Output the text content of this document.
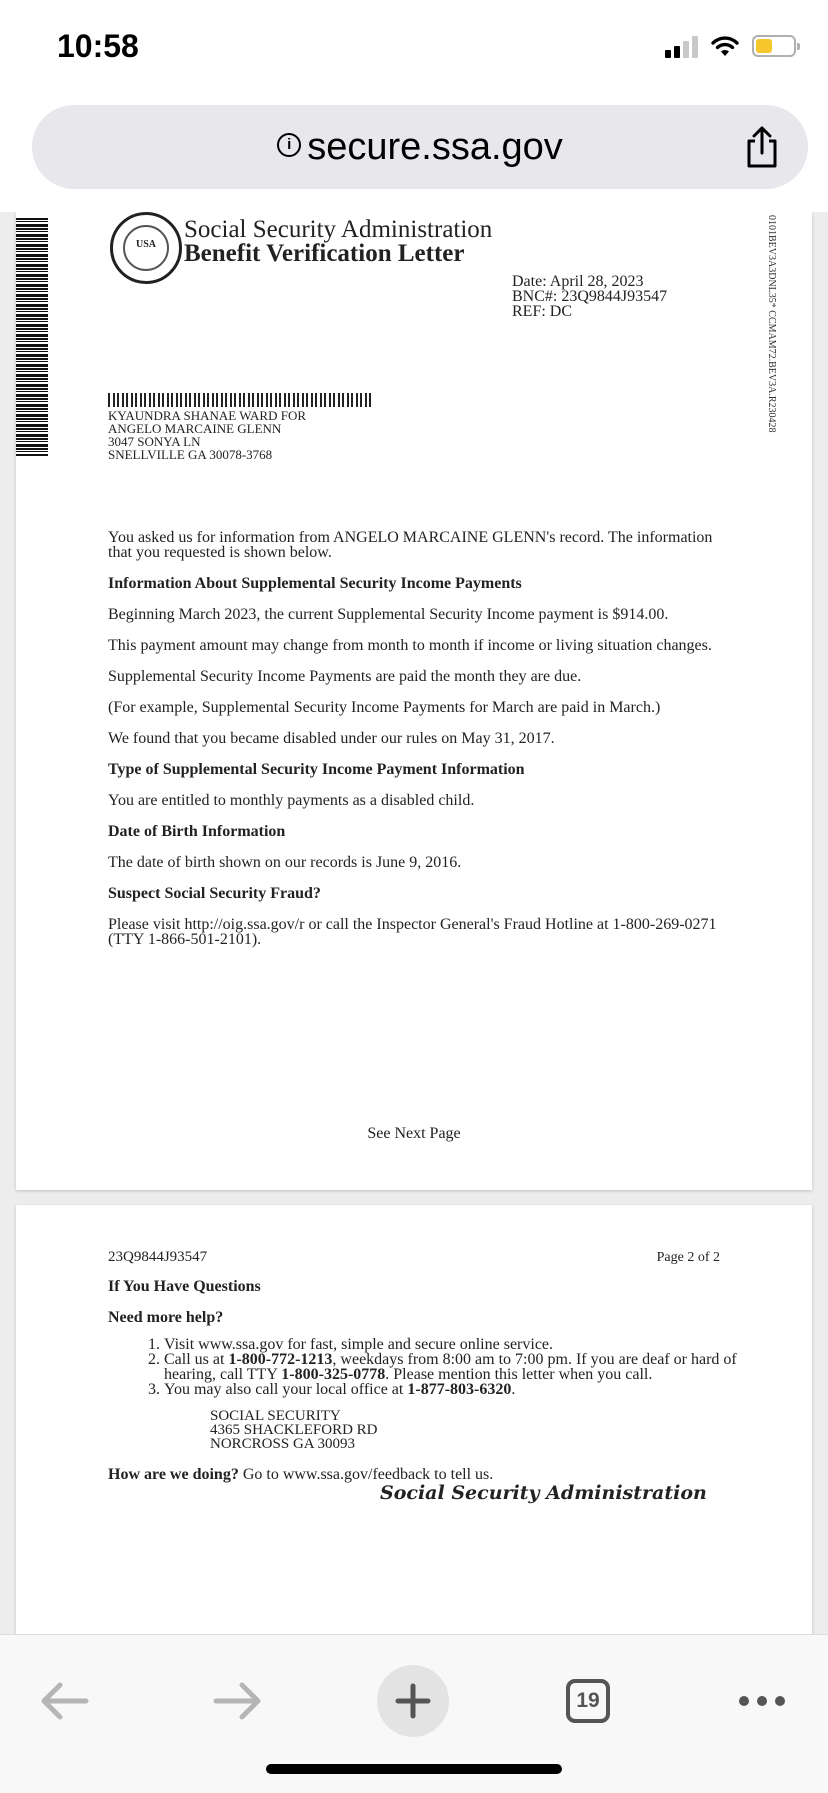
10:58
i secure.ssa.gov
USA
Social Security Administration
Benefit Verification Letter
Date: April 28, 2023
BNC#: 23Q9844J93547
REF: DC	0101BEV3A3DNL35* CCMAM72.BEV3A.R230428
KYAUNDRA SHANAE WARD FOR
ANGELO MARCAINE GLENN
3047 SONYA LN
SNELLVILLE GA 30078-3768

You asked us for information from ANGELO MARCAINE GLENN's record. The information that you requested is shown below.

Information About Supplemental Security Income Payments

Beginning March 2023, the current Supplemental Security Income payment is $914.00.

This payment amount may change from month to month if income or living situation changes.

Supplemental Security Income Payments are paid the month they are due.

(For example, Supplemental Security Income Payments for March are paid in March.)

We found that you became disabled under our rules on May 31, 2017.

Type of Supplemental Security Income Payment Information

You are entitled to monthly payments as a disabled child.

Date of Birth Information

The date of birth shown on our records is June 9, 2016.

Suspect Social Security Fraud?

Please visit http://oig.ssa.gov/r or call the Inspector General's Fraud Hotline at 1-800-269-0271 (TTY 1-866-501-2101).

See Next Page
23Q9844J93547	Page 2 of 2

If You Have Questions

Need more help?

1. Visit www.ssa.gov for fast, simple and secure online service.
2. Call us at 1-800-772-1213, weekdays from 8:00 am to 7:00 pm. If you are deaf or hard of hearing, call TTY 1-800-325-0778. Please mention this letter when you call.
3. You may also call your local office at 1-877-803-6320.
SOCIAL SECURITY
4365 SHACKLEFORD RD
NORCROSS GA 30093

How are we doing? Go to www.ssa.gov/feedback to tell us.

Social Security Administration
19
